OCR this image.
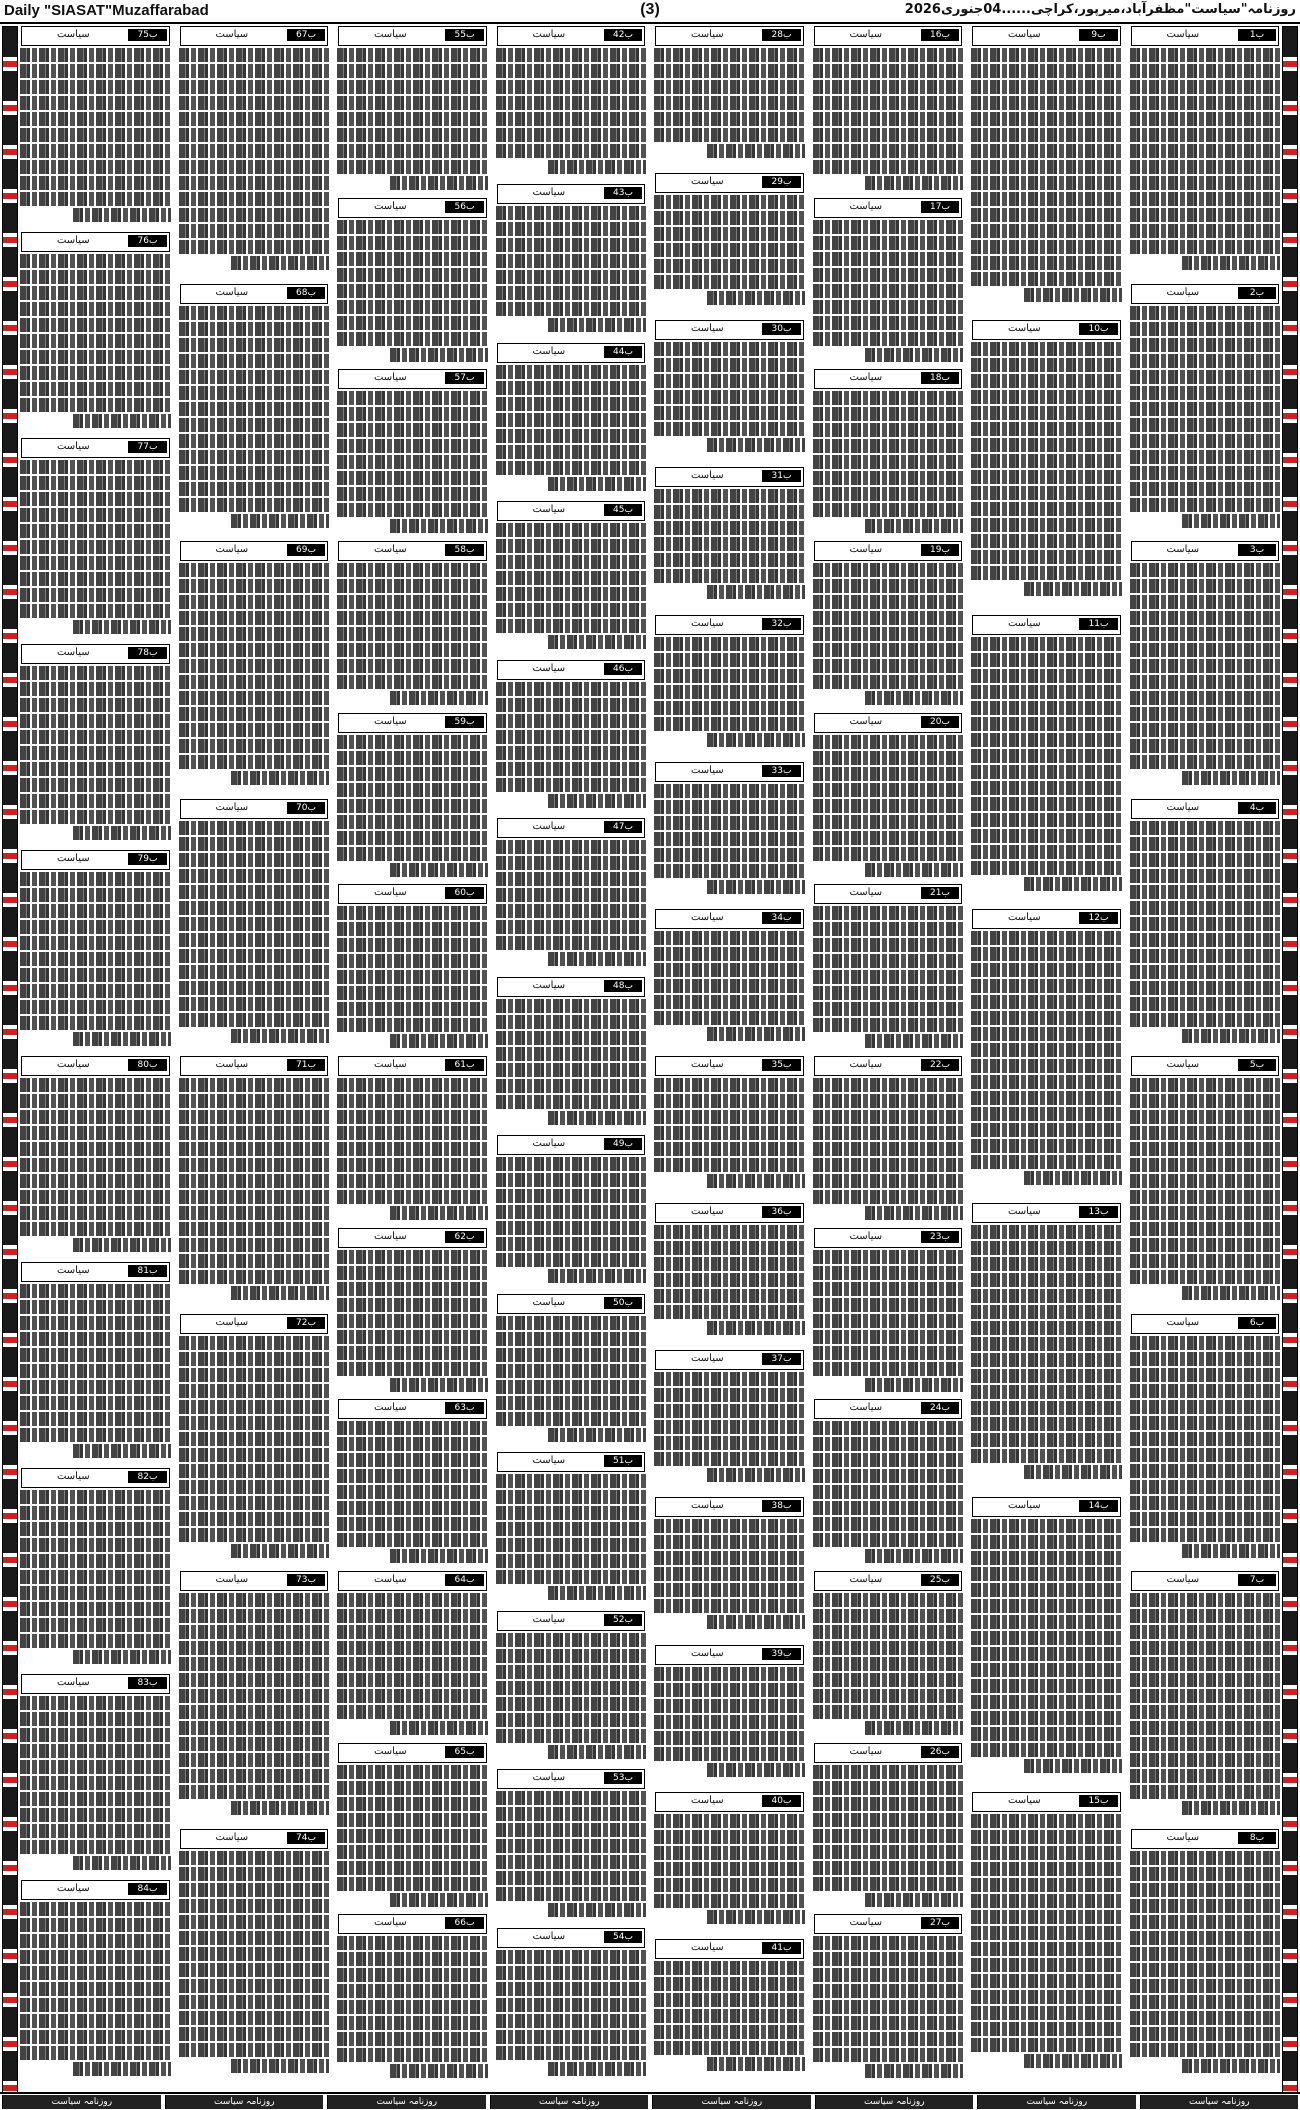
Daily "SIASAT"Muzaffarabad	(3)	روزنامہ"سیاست"مظفرآباد،میرپور،کراچی......04جنوری2026
سیاست	1ب
سیاست	2ب
سیاست	3ب
سیاست	4ب
سیاست	5ب
سیاست	6ب
سیاست	7ب
سیاست	8ب
سیاست	9ب
سیاست	10ب
سیاست	11ب
سیاست	12ب
سیاست	13ب
سیاست	14ب
سیاست	15ب
سیاست	16ب
سیاست	17ب
سیاست	18ب
سیاست	19ب
سیاست	20ب
سیاست	21ب
سیاست	22ب
سیاست	23ب
سیاست	24ب
سیاست	25ب
سیاست	26ب
سیاست	27ب
سیاست	28ب
سیاست	29ب
سیاست	30ب
سیاست	31ب
سیاست	32ب
سیاست	33ب
سیاست	34ب
سیاست	35ب
سیاست	36ب
سیاست	37ب
سیاست	38ب
سیاست	39ب
سیاست	40ب
سیاست	41ب
سیاست	42ب
سیاست	43ب
سیاست	44ب
سیاست	45ب
سیاست	46ب
سیاست	47ب
سیاست	48ب
سیاست	49ب
سیاست	50ب
سیاست	51ب
سیاست	52ب
سیاست	53ب
سیاست	54ب
سیاست	55ب
سیاست	56ب
سیاست	57ب
سیاست	58ب
سیاست	59ب
سیاست	60ب
سیاست	61ب
سیاست	62ب
سیاست	63ب
سیاست	64ب
سیاست	65ب
سیاست	66ب
سیاست	67ب
سیاست	68ب
سیاست	69ب
سیاست	70ب
سیاست	71ب
سیاست	72ب
سیاست	73ب
سیاست	74ب
سیاست	75ب
سیاست	76ب
سیاست	77ب
سیاست	78ب
سیاست	79ب
سیاست	80ب
سیاست	81ب
سیاست	82ب
سیاست	83ب
سیاست	84ب
روزنامہ سیاست	روزنامہ سیاست	روزنامہ سیاست	روزنامہ سیاست	روزنامہ سیاست	روزنامہ سیاست	روزنامہ سیاست	روزنامہ سیاست
